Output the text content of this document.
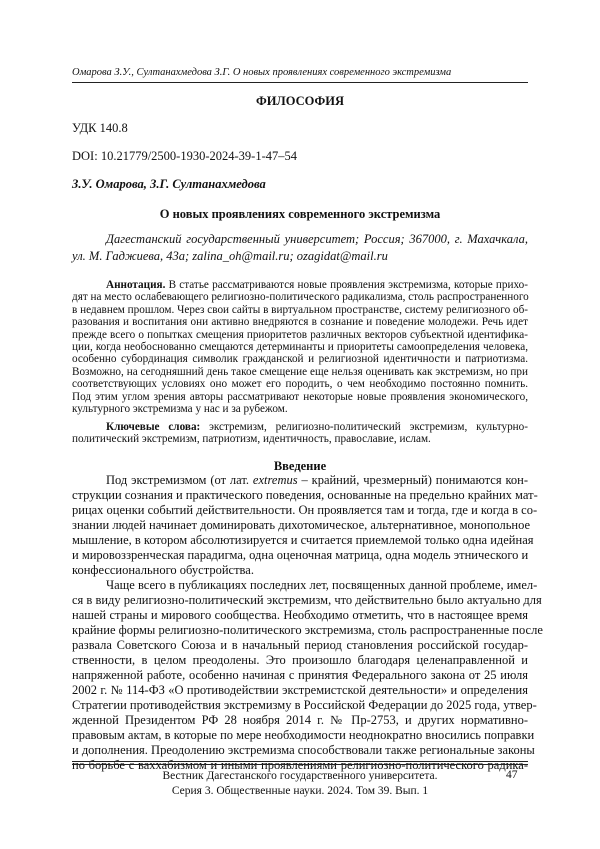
Омарова З.У., Султанахмедова З.Г. О новых проявлениях современного экстремизма
ФИЛОСОФИЯ
УДК 140.8
DOI: 10.21779/2500-1930-2024-39-1-47–54
З.У. Омарова, З.Г. Султанахмедова
О новых проявлениях современного экстремизма
Дагестанский государственный университет; Россия; 367000, г. Махачкала,
ул. М. Гаджиева, 43а; zalina_oh@mail.ru; ozagidat@mail.ru
Аннотация. В статье рассматриваются новые проявления экстремизма, которые прихо-
дят на место ослабевающего религиозно-политического радикализма, столь распространенного
в недавнем прошлом. Через свои сайты в виртуальном пространстве, систему религиозного об-
разования и воспитания они активно внедряются в сознание и поведение молодежи. Речь идет
прежде всего о попытках смещения приоритетов различных векторов субъектной идентифика-
ции, когда необоснованно смещаются детерминанты и приоритеты самоопределения человека,
особенно субординация символик гражданской и религиозной идентичности и патриотизма.
Возможно, на сегодняшний день такое смещение еще нельзя оценивать как экстремизм, но при
соответствующих условиях оно может его породить, о чем необходимо постоянно помнить.
Под этим углом зрения авторы рассматривают некоторые новые проявления экономического,
культурного экстремизма у нас и за рубежом.
Ключевые слова: экстремизм, религиозно-политический экстремизм, культурно-
политический экстремизм, патриотизм, идентичность, православие, ислам.
Введение
Под экстремизмом (от лат. extremus – крайний, чрезмерный) понимаются кон-
струкции сознания и практического поведения, основанные на предельно крайних мат-
рицах оценки событий действительности. Он проявляется там и тогда, где и когда в со-
знании людей начинает доминировать дихотомическое, альтернативное, монопольное
мышление, в котором абсолютизируется и считается приемлемой только одна идейная
и мировоззренческая парадигма, одна оценочная матрица, одна модель этнического и
конфессионального обустройства.
Чаще всего в публикациях последних лет, посвященных данной проблеме, имел-
ся в виду религиозно-политический экстремизм, что действительно было актуально для
нашей страны и мирового сообщества. Необходимо отметить, что в настоящее время
крайние формы религиозно-политического экстремизма, столь распространенные после
развала Советского Союза и в начальный период становления российской государ-
ственности, в целом преодолены. Это произошло благодаря целенаправленной и
напряженной работе, особенно начиная с принятия Федерального закона от 25 июля
2002 г. № 114-ФЗ «О противодействии экстремистской деятельности» и определения
Стратегии противодействия экстремизму в Российской Федерации до 2025 года, утвер-
жденной Президентом РФ 28 ноября 2014 г. № Пр-2753, и других нормативно-
правовым актам, в которые по мере необходимости неоднократно вносились поправки
и дополнения. Преодолению экстремизма способствовали также региональные законы
по борьбе с ваххабизмом и иными проявлениями религиозно-политического радика-
Вестник Дагестанского государственного университета.
Серия 3. Общественные науки. 2024. Том 39. Вып. 1
47
